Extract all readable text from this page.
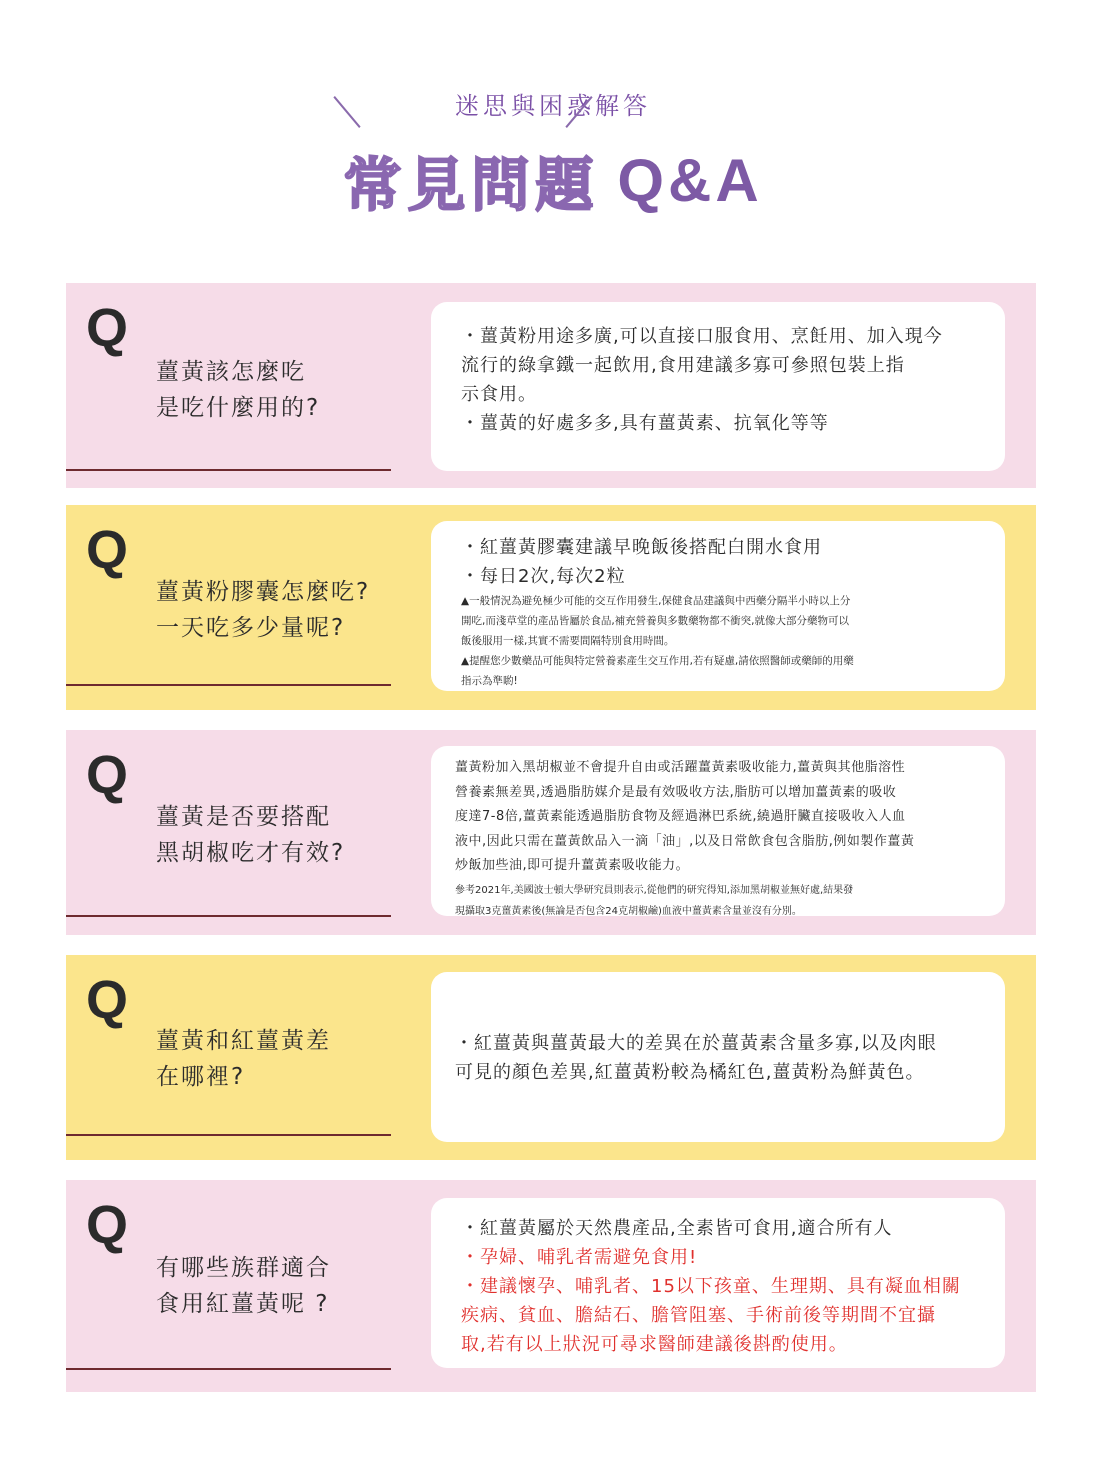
迷思與困惑解答
常見問題 Q&A
Q
薑黃該怎麼吃
是吃什麼用的?

・薑黃粉用途多廣,可以直接口服食用、烹飪用、加入現今

流行的綠拿鐵一起飲用,食用建議多寡可參照包裝上指

示食用。

・薑黃的好處多多,具有薑黃素、抗氧化等等

Q
薑黃粉膠囊怎麼吃?
一天吃多少量呢?

・紅薑黃膠囊建議早晚飯後搭配白開水食用

・每日2次,每次2粒

▲一般情況為避免極少可能的交互作用發生,保健食品建議與中西藥分隔半小時以上分

開吃,而淺草堂的產品皆屬於食品,補充營養與多數藥物都不衝突,就像大部分藥物可以

飯後服用一樣,其實不需要間隔特別食用時間。

▲提醒您少數藥品可能與特定營養素產生交互作用,若有疑慮,請依照醫師或藥師的用藥

指示為準喲!

Q
薑黃是否要搭配
黑胡椒吃才有效?

薑黃粉加入黑胡椒並不會提升自由或活躍薑黃素吸收能力,薑黃與其他脂溶性

營養素無差異,透過脂肪媒介是最有效吸收方法,脂肪可以增加薑黃素的吸收

度達7-8倍,薑黃素能透過脂肪食物及經過淋巴系統,繞過肝臟直接吸收入人血

液中,因此只需在薑黃飲品入一滴「油」,以及日常飲食包含脂肪,例如製作薑黃

炒飯加些油,即可提升薑黃素吸收能力。

參考2021年,美國波士頓大學研究員則表示,從他們的研究得知,添加黑胡椒並無好處,結果發

現攝取3克薑黃素後(無論是否包含24克胡椒鹼)血液中薑黃素含量並沒有分別。

Q
薑黃和紅薑黃差
在哪裡?

・紅薑黃與薑黃最大的差異在於薑黃素含量多寡,以及肉眼

可見的顏色差異,紅薑黃粉較為橘紅色,薑黃粉為鮮黃色。

Q
有哪些族群適合
食用紅薑黃呢 ?

・紅薑黃屬於天然農產品,全素皆可食用,適合所有人

・孕婦、哺乳者需避免食用!

・建議懷孕、哺乳者、15以下孩童、生理期、具有凝血相關

疾病、貧血、膽結石、膽管阻塞、手術前後等期間不宜攝

取,若有以上狀況可尋求醫師建議後斟酌使用。
